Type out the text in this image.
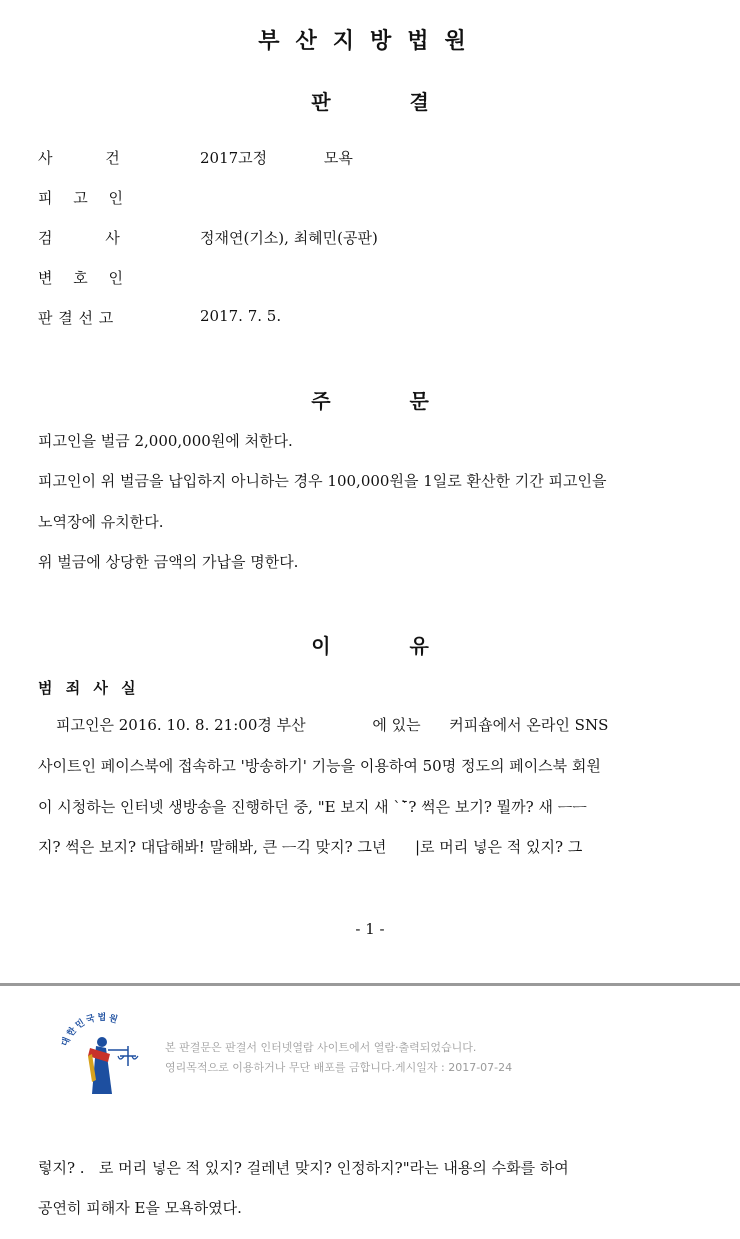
부산지방법원
판 결
사 건	2017고정 모욕
피 고 인
검 사	정재연(기소), 최혜민(공판)
변 호 인
판 결 선 고	2017. 7. 5.
주 문
피고인을 벌금 2,000,000원에 처한다.
피고인이 위 벌금을 납입하지 아니하는 경우 100,000원을 1일로 환산한 기간 피고인을
노역장에 유치한다.
위 벌금에 상당한 금액의 가납을 명한다.
이 유
범 죄 사 실
피고인은 2016. 10. 8. 21:00경 부산              에 있는      커피숍에서 온라인 SNS
사이트인 페이스북에 접속하고 '방송하기' 기능을 이용하여 50명 정도의 페이스북 회원
이 시청하는 인터넷 생방송을 진행하던 중, "E 보지 새 ``̄? 썩은 보기? 뭘까? 새 ᅳᅳ
지? 썩은 보지? 대답해봐! 말해봐, 큰 ᅳ긱 맞지? 그년      |로 머리 넣은 적 있지? 그
- 1 -
대한민국법원
본 판결문은 판결서 인터넷열람 사이트에서 열람·출력되었습니다.
영리목적으로 이용하거나 무단 배포를 금합니다.게시일자 : 2017-07-24
렇지? .   로 머리 넣은 적 있지? 걸레년 맞지? 인정하지?"라는 내용의 수화를 하여
공연히 피해자 E을 모욕하였다.
